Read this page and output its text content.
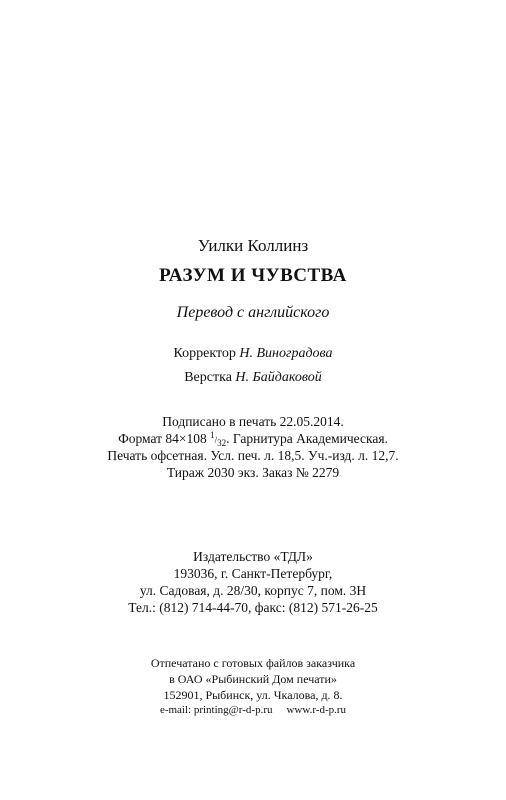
Уилки Коллинз
РАЗУМ И ЧУВСТВА
Перевод с английского
Корректор Н. Виноградова
Верстка Н. Байдаковой
Подписано в печать 22.05.2014.
Формат 84×108 $^1/_{32}$. Гарнитура Академическая.
Печать офсетная. Усл. печ. л. 18,5. Уч.-изд. л. 12,7.
Тираж 2030 экз. Заказ № 2279
Издательство «ТДЛ»
193036, г. Санкт-Петербург,
ул. Садовая, д. 28/30, корпус 7, пом. 3Н
Тел.: (812) 714-44-70, факс: (812) 571-26-25
Отпечатано с готовых файлов заказчика
в ОАО «Рыбинский Дом печати»
152901, Рыбинск, ул. Чкалова, д. 8.
e-mail: printing@r-d-p.ru www.r-d-p.ru
